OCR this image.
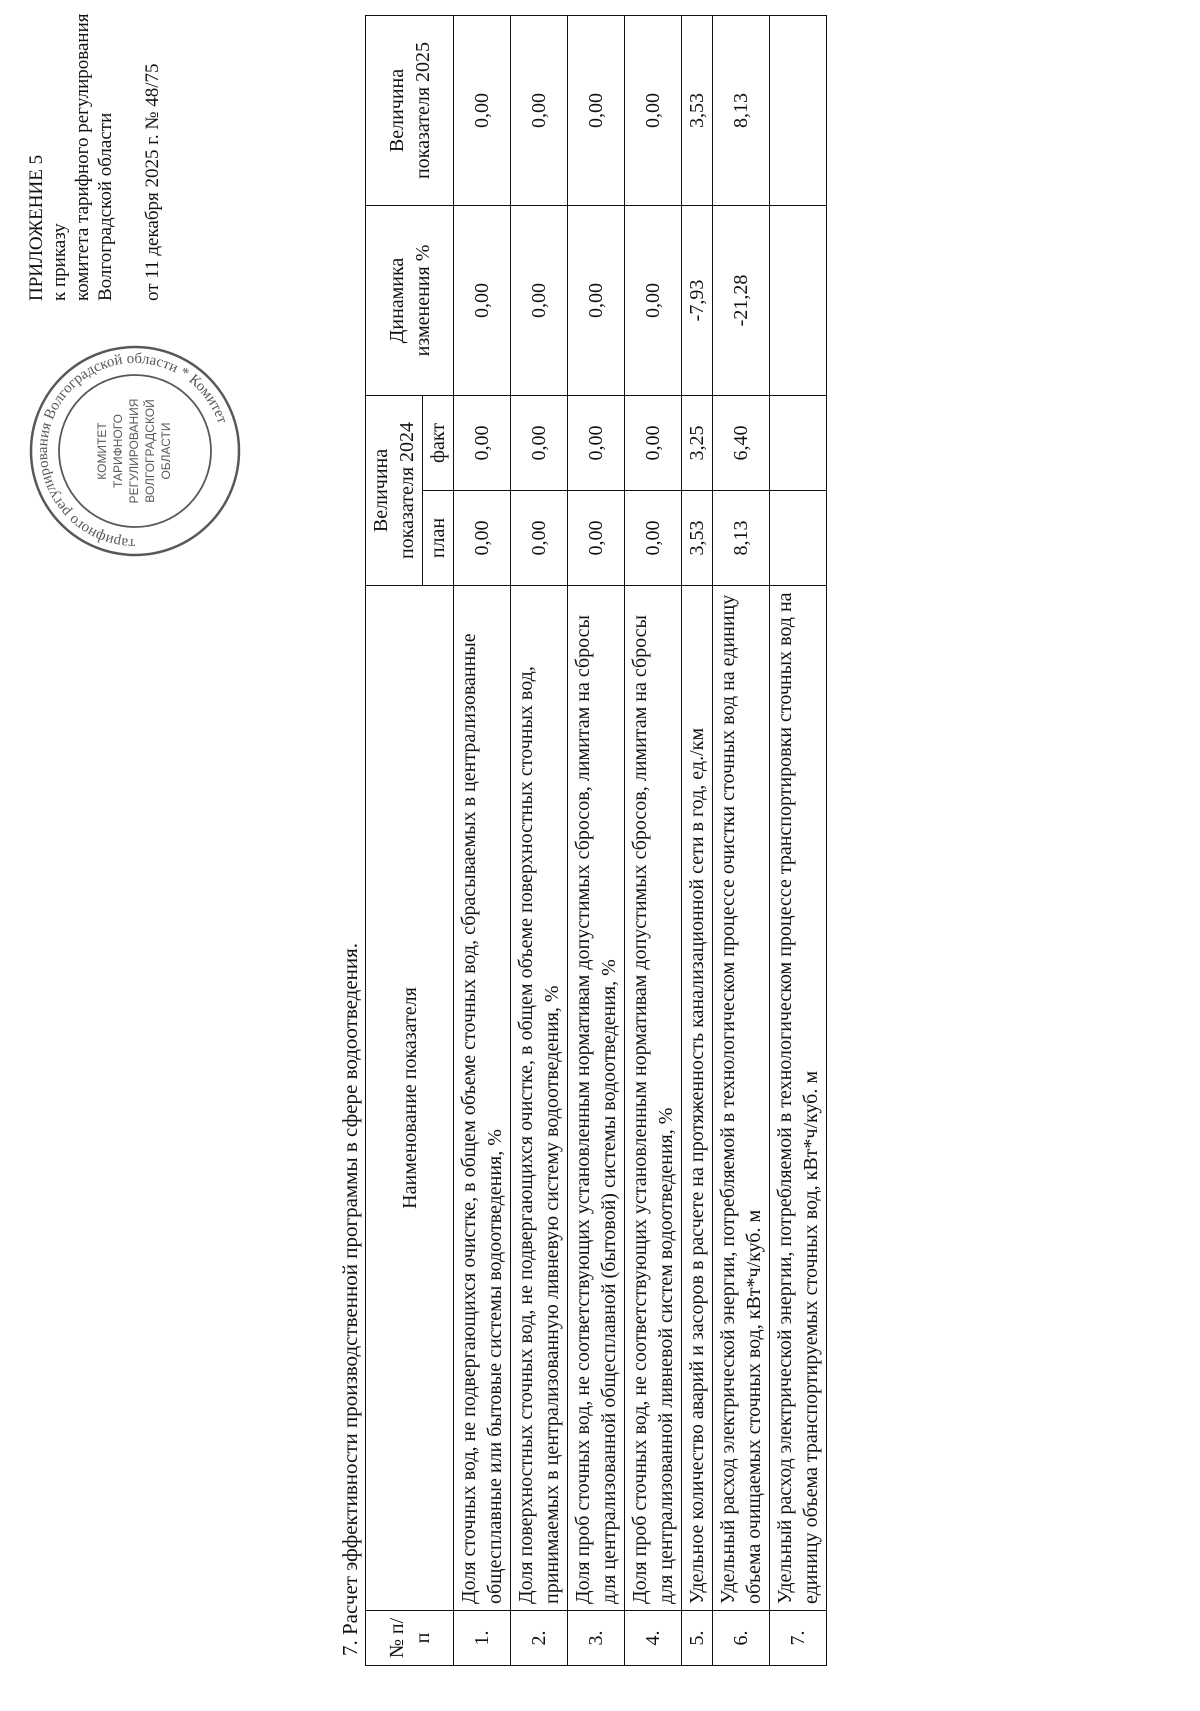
ПРИЛОЖЕНИЕ 5 к приказу комитета тарифного регулирования Волгоградской области от 11 декабря 2025 г. № 48/75
тарифного регулирования Волгоградской области * Комитет
КОМИТЕТ ТАРИФНОГО РЕГУЛИРОВАНИЯ ВОЛГОГРАДСКОЙ ОБЛАСТИ
7. Расчет эффективности производственной программы в сфере водоотведения. № п/п	Наименование показателя	Величина показателя 2024		Динамика изменения %	Величина показателя 2025
		план	факт		
1.	Доля сточных вод, не подвергающихся очистке, в общем объеме сточных вод, сбрасываемых в централизованные общесплавные или бытовые системы водоотведения, %	0,00	0,00	0,00	0,00
2.	Доля поверхностных сточных вод, не подвергающихся очистке, в общем объеме поверхностных сточных вод, принимаемых в централизованную ливневую систему водоотведения, %	0,00	0,00	0,00	0,00
3.	Доля проб сточных вод, не соответствующих установленным нормативам допустимых сбросов, лимитам на сбросы для централизованной общесплавной (бытовой) системы водоотведения, %	0,00	0,00	0,00	0,00
4.	Доля проб сточных вод, не соответствующих установленным нормативам допустимых сбросов, лимитам на сбросы для централизованной ливневой систем водоотведения, %	0,00	0,00	0,00	0,00
5.	Удельное количество аварий и засоров в расчете на протяженность канализационной сети в год, ед./км	3,53	3,25	-7,93	3,53
6.	Удельный расход электрической энергии, потребляемой в технологическом процессе очистки сточных вод на единицу объема очищаемых сточных вод, кВт*ч/куб. м	8,13	6,40	-21,28	8,13
7.	Удельный расход электрической энергии, потребляемой в технологическом процессе транспортировки сточных вод на единицу объема транспортируемых сточных вод, кВт*ч/куб. м				
